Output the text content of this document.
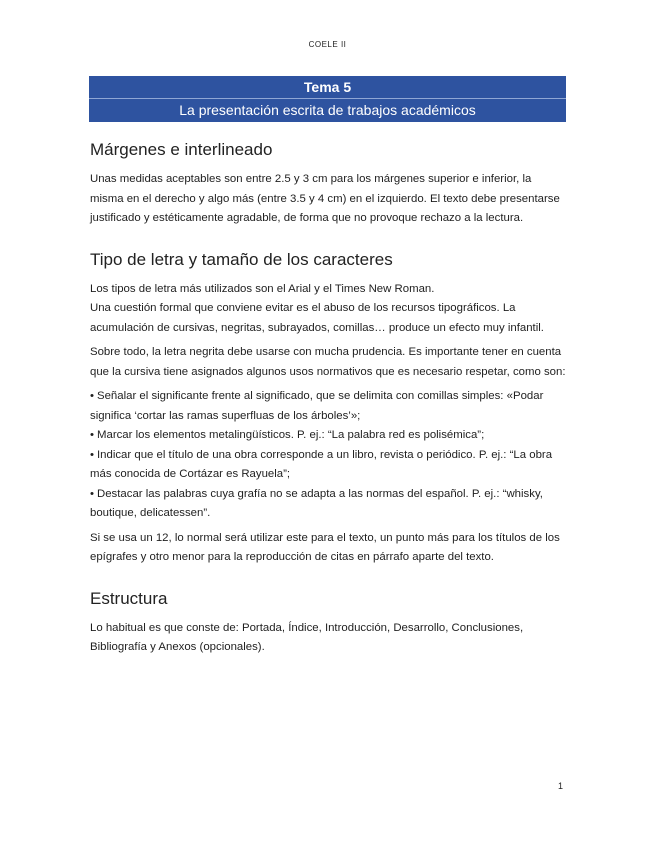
COELE II
Tema 5
La presentación escrita de trabajos académicos
Márgenes e interlineado

Unas medidas aceptables son entre 2.5 y 3 cm para los márgenes superior e inferior, la misma en el derecho y algo más (entre 3.5 y 4 cm) en el izquierdo. El texto debe presentarse justificado y estéticamente agradable, de forma que no provoque rechazo a la lectura.

Tipo de letra y tamaño de los caracteres

Los tipos de letra más utilizados son el Arial y el Times New Roman.

Una cuestión formal que conviene evitar es el abuso de los recursos tipográficos. La acumulación de cursivas, negritas, subrayados, comillas… produce un efecto muy infantil.

Sobre todo, la letra negrita debe usarse con mucha prudencia. Es importante tener en cuenta que la cursiva tiene asignados algunos usos normativos que es necesario respetar, como son:

• Señalar el significante frente al significado, que se delimita con comillas simples: «Podar significa ‘cortar las ramas superfluas de los árboles’»;
• Marcar los elementos metalingüísticos. P. ej.: “La palabra red es polisémica”;
• Indicar que el título de una obra corresponde a un libro, revista o periódico. P. ej.: “La obra más conocida de Cortázar es Rayuela”;
• Destacar las palabras cuya grafía no se adapta a las normas del español. P. ej.: “whisky, boutique, delicatessen”.

Si se usa un 12, lo normal será utilizar este para el texto, un punto más para los títulos de los epígrafes y otro menor para la reproducción de citas en párrafo aparte del texto.

Estructura

Lo habitual es que conste de: Portada, Índice, Introducción, Desarrollo, Conclusiones, Bibliografía y Anexos (opcionales).

1
